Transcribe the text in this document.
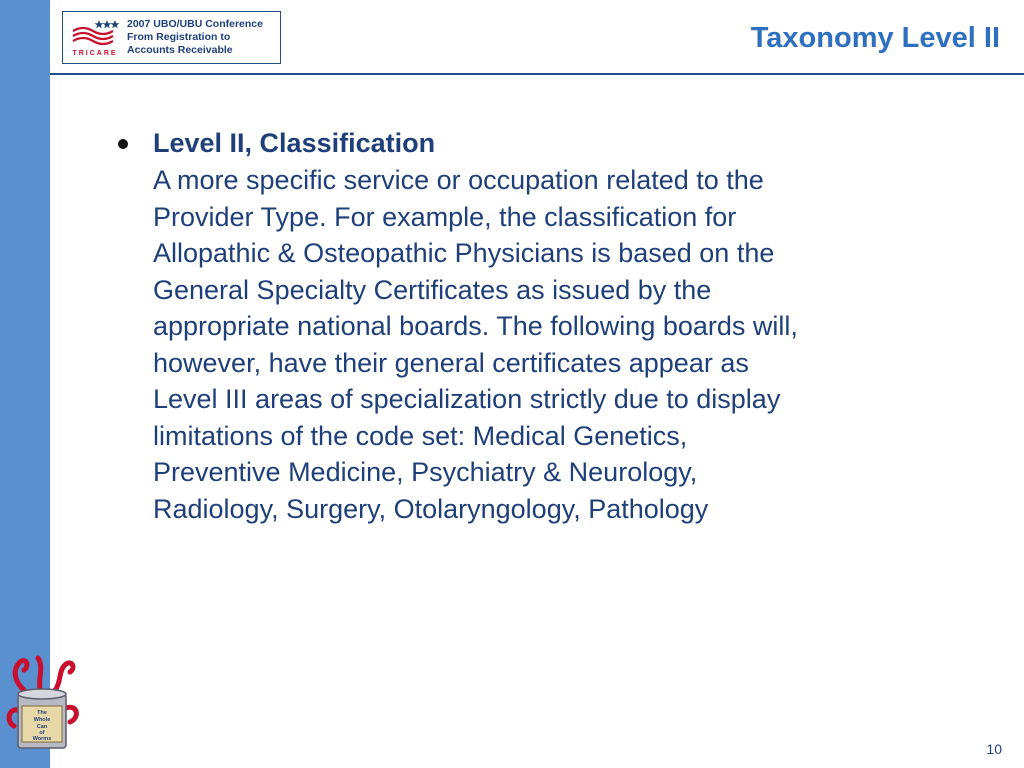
TRICARE
2007 UBO/UBU Conference
From Registration to
Accounts Receivable	Taxonomy Level II
Level II, Classification
A more specific service or occupation related to the
Provider Type. For example, the classification for
Allopathic & Osteopathic Physicians is based on the
General Specialty Certificates as issued by the
appropriate national boards. The following boards will,
however, have their general certificates appear as
Level III areas of specialization strictly due to display
limitations of the code set: Medical Genetics,
Preventive Medicine, Psychiatry & Neurology,
Radiology, Surgery, Otolaryngology, Pathology
The
Whole
Can
of
Worms
10
